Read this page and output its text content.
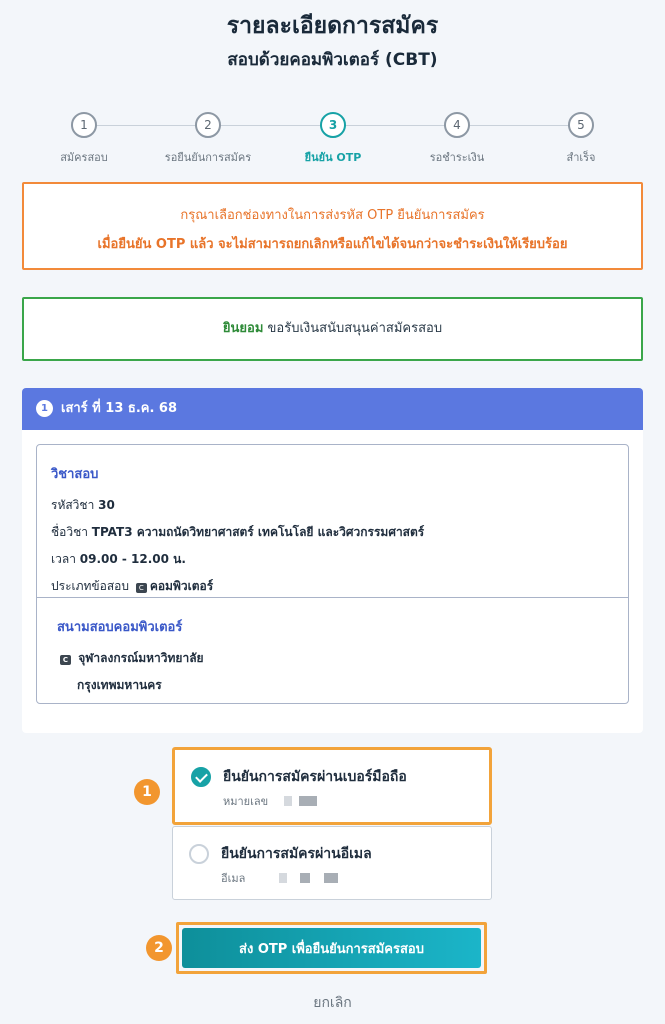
รายละเอียดการสมัคร
สอบด้วยคอมพิวเตอร์ (CBT)
1
สมัครสอบ
2
รอยืนยันการสมัคร
3
ยืนยัน OTP
4
รอชำระเงิน
5
สำเร็จ
กรุณาเลือกช่องทางในการส่งรหัส OTP ยืนยันการสมัคร
เมื่อยืนยัน OTP แล้ว จะไม่สามารถยกเลิกหรือแก้ไขได้จนกว่าจะชำระเงินให้เรียบร้อย
ยินยอม ขอรับเงินสนับสนุนค่าสมัครสอบ
1 เสาร์ ที่ 13 ธ.ค. 68
วิชาสอบ
รหัสวิชา 30
ชื่อวิชา TPAT3 ความถนัดวิทยาศาสตร์ เทคโนโลยี และวิศวกรรมศาสตร์
เวลา 09.00 - 12.00 น.
ประเภทข้อสอบ C คอมพิวเตอร์
สนามสอบคอมพิวเตอร์
C จุฬาลงกรณ์มหาวิทยาลัย
กรุงเทพมหานคร
1
ยืนยันการสมัครผ่านเบอร์มือถือ
หมายเลข
ยืนยันการสมัครผ่านอีเมล
อีเมล
2	ส่ง OTP เพื่อยืนยันการสมัครสอบ
ยกเลิก
